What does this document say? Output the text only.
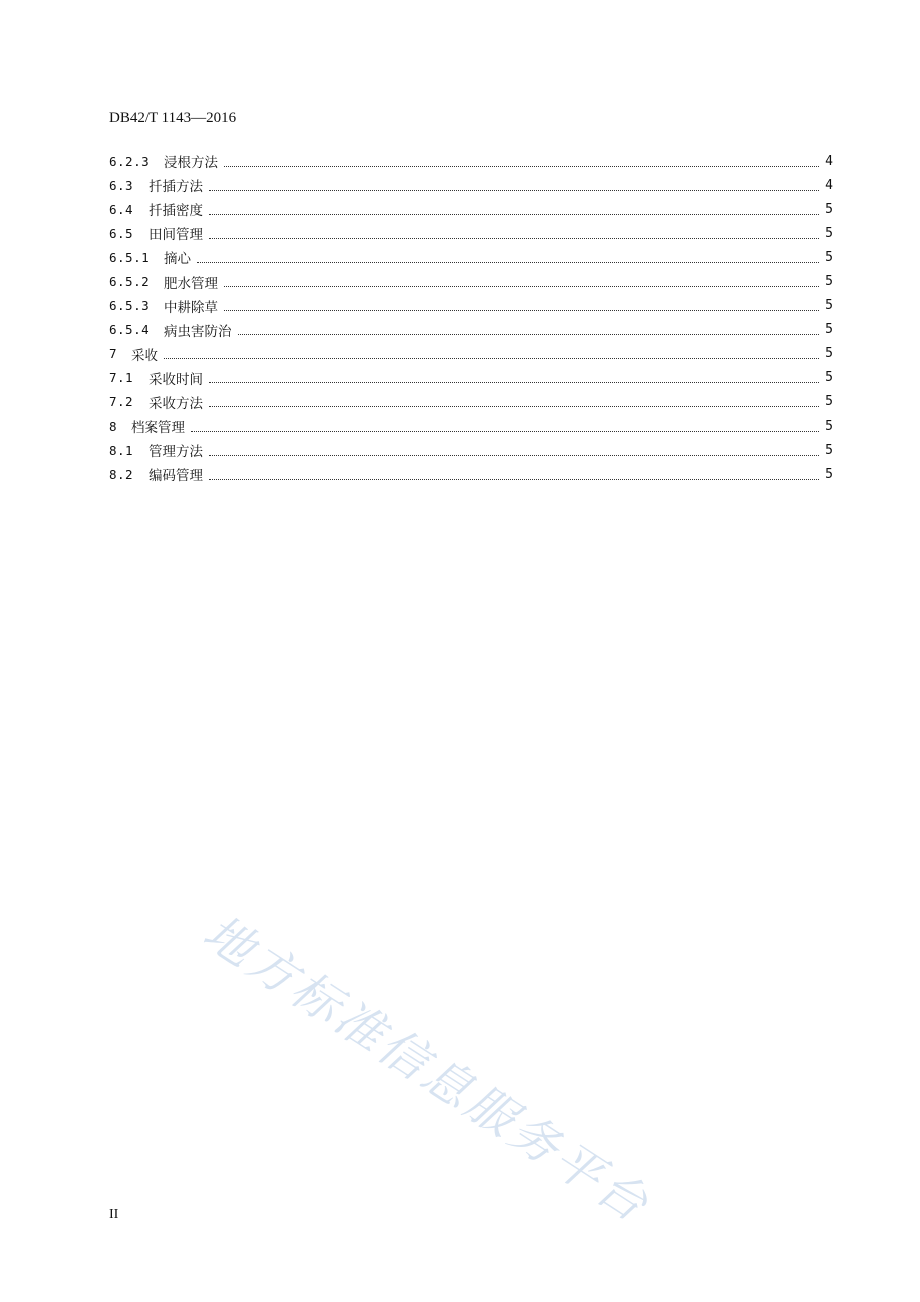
DB42/T 1143—2016
6.2.3	浸根方法	4
6.3	扦插方法	4
6.4	扦插密度	5
6.5	田间管理	5
6.5.1	摘心	5
6.5.2	肥水管理	5
6.5.3	中耕除草	5
6.5.4	病虫害防治	5
7	采收	5
7.1	采收时间	5
7.2	采收方法	5
8	档案管理	5
8.1	管理方法	5
8.2	编码管理	5
地方标准信息服务平台
II
